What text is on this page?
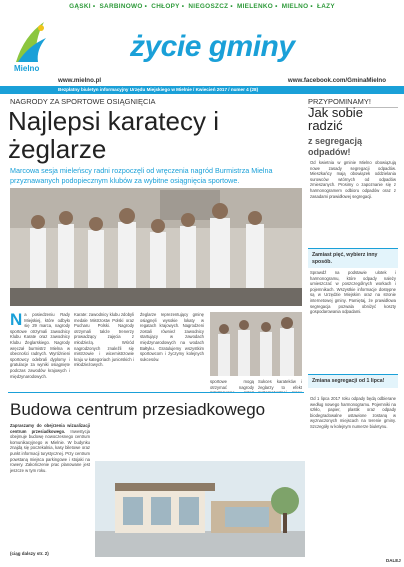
GĄSKI • SARBINOWO • CHŁOPY • NIEGOSZCZ • MIELENKO • MIELNO • ŁAZY
Mielno
życie gminy
www.mielno.pl	www.facebook.com/GminaMielno
Bezpłatny biuletyn informacyjny Urzędu Miejskiego w Mielnie / Kwiecień 2017 / numer 4 (28)
NAGRODY ZA SPORTOWE OSIĄGNIĘCIA
Najlepsi karateсy i żeglarze
Marcowa sesja mieleńscy radni rozpoczęli od wręczenia nagród Burmistrza Mielna przyznawanych podopiecznym klubów za wybitne osiągnięcia sportowe.
N a posiedzeniu Rady Miejskiej, które odbyło się 29 marca, nagrody sportowe otrzymali zawodnicy Klubu Karate oraz zawodnicy Klubu Żeglarskiego. Nagrody wręczał burmistrz Mielna w obecności radnych. Wyróżnieni sportowcy odebrali dyplomy i gratulacje za wyniki osiągnięte podczas zawodów krajowych i międzynarodowych.
Karate: zawodnicy klubu zdobyli medale Mistrzostw Polski oraz Pucharu Polski. Nagrody otrzymali także trenerzy prowadzący zajęcia z młodzieżą. Wśród nagrodzonych znaleźli się mistrzowie i wicemistrzowie kraju w kategoriach juniorskich i młodzieżowych.
Żeglarze reprezentujący gminę osiągnęli wysokie lokaty w regatach krajowych. Nagrodzeni zostali również zawodnicy startujący w zawodach międzynarodowych na wodach Bałtyku. Gratulujemy wszystkim sportowcom i życzymy kolejnych sukcesów.
sportowe mogą otrzymać nagrody
Sukces karateków i żeglarzy to efekt
PRZYPOMINAMY!
Jak sobie radzić
z segregacją odpadów!
Od kwietnia w gminie Mielno obowiązują nowe zasady segregacji odpadów. Mieszkańcy mają obowiązek oddzielania surowców wtórnych od odpadów zmieszanych. Prosimy o zapoznanie się z harmonogramem odbioru odpadów oraz z zasadami prawidłowej segregacji.
Zamiast pięć, wybierz inny sposób.
Sprawdź na podstawie ulotek i harmonogramu, które odpady należy umieszczać w poszczególnych workach i pojemnikach. Wszystkie informacje dostępne są w Urzędzie Miejskim oraz na stronie internetowej gminy. Pamiętaj, że prawidłowa segregacja pozwala obniżyć koszty gospodarowania odpadami.
Zmiana segregacji od 1 lipca!
Od 1 lipca 2017 roku odpady będą odbierane według nowego harmonogramu. Pojemniki na szkło, papier, plastik oraz odpady biodegradowalne ustawione zostaną w wyznaczonych miejscach na terenie gminy. Szczegóły w kolejnym numerze biuletynu.
Budowa centrum przesiadkowego
Zapraszamy do obejrzenia wizualizacji centrum przesiadkowego. Inwestycja obejmuje budowę nowoczesnego centrum komunikacyjnego w Mielnie. W budynku znajdą się poczekalnia, kasy biletowe oraz punkt informacji turystycznej. Przy centrum powstaną miejsca parkingowe i stojaki na rowery. Zakończenie prac planowane jest jeszcze w tym roku.
(ciąg dalszy str. 2)
DALEJ
